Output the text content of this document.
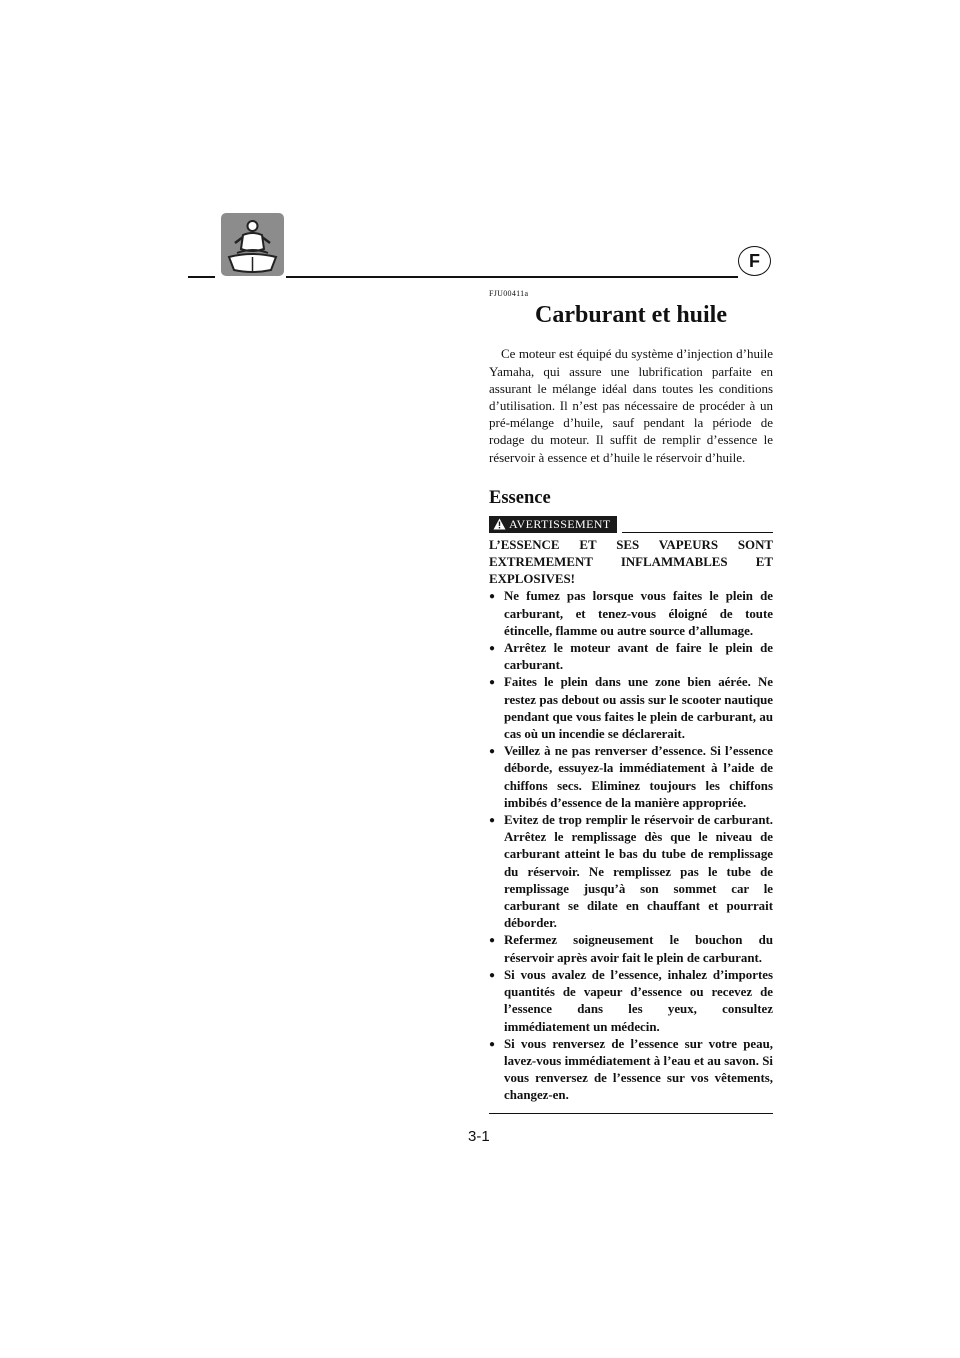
F
FJU00411a
Carburant et huile

Ce moteur est équipé du système d’injection d’huile Yamaha, qui assure une lubrification parfaite en assurant le mélange idéal dans toutes les conditions d’utilisation. Il n’est pas nécessaire de procéder à un pré-mélange d’huile, sauf pendant la période de rodage du moteur. Il suffit de remplir d’essence le réservoir à essence et d’huile le réservoir d’huile.

Essence
AVERTISSEMENT

L’ESSENCE ET SES VAPEURS SONT EXTREMEMENT INFLAMMABLES ET EXPLOSIVES!

● Ne fumez pas lorsque vous faites le plein de carburant, et tenez-vous éloigné de toute étincelle, flamme ou autre source d’allumage.
● Arrêtez le moteur avant de faire le plein de carburant.
● Faites le plein dans une zone bien aérée. Ne restez pas debout ou assis sur le scooter nautique pendant que vous faites le plein de carburant, au cas où un incendie se déclarerait.
● Veillez à ne pas renverser d’essence. Si l’essence déborde, essuyez-la immédiatement à l’aide de chiffons secs. Eliminez toujours les chiffons imbibés d’essence de la manière appropriée.
● Evitez de trop remplir le réservoir de carburant. Arrêtez le remplissage dès que le niveau de carburant atteint le bas du tube de remplissage du réservoir. Ne remplissez pas le tube de remplissage jusqu’à son sommet car le carburant se dilate en chauffant et pourrait déborder.
● Refermez soigneusement le bouchon du réservoir après avoir fait le plein de carburant.
● Si vous avalez de l’essence, inhalez d’importes quantités de vapeur d’essence ou recevez de l’essence dans les yeux, consultez immédiatement un médecin.
● Si vous renversez de l’essence sur votre peau, lavez-vous immédiatement à l’eau et au savon. Si vous renversez de l’essence sur vos vêtements, changez-en.
3-1
